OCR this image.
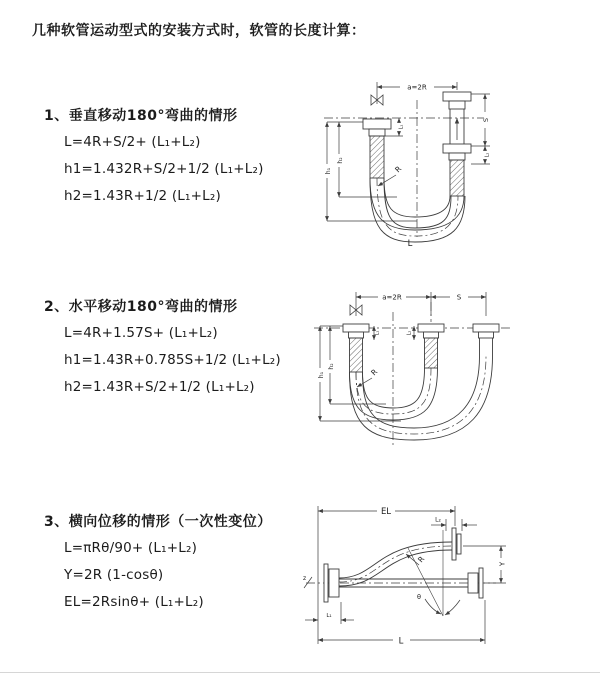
几种软管运动型式的安装方式时，软管的长度计算：
1、垂直移动180°弯曲的情形
L=4R+S/2+ (L₁+L₂)
h1=1.432R+S/2+1/2 (L₁+L₂)
h2=1.43R+1/2 (L₁+L₂)
2、水平移动180°弯曲的情形
L=4R+1.57S+ (L₁+L₂)
h1=1.43R+0.785S+1/2 (L₁+L₂)
h2=1.43R+S/2+1/2 (L₁+L₂)
3、横向位移的情形（一次性变位）
L=πRθ/90+ (L₁+L₂)
Y=2R (1-cosθ)
EL=2Rsinθ+ (L₁+L₂)
a=2R
S
L₂
L₁
h₁
h₂
R
L
a=2R	S
h₁
h₂
L₁	L₂
R
EL
L₂
Y
R
θ
L
L₁
z
